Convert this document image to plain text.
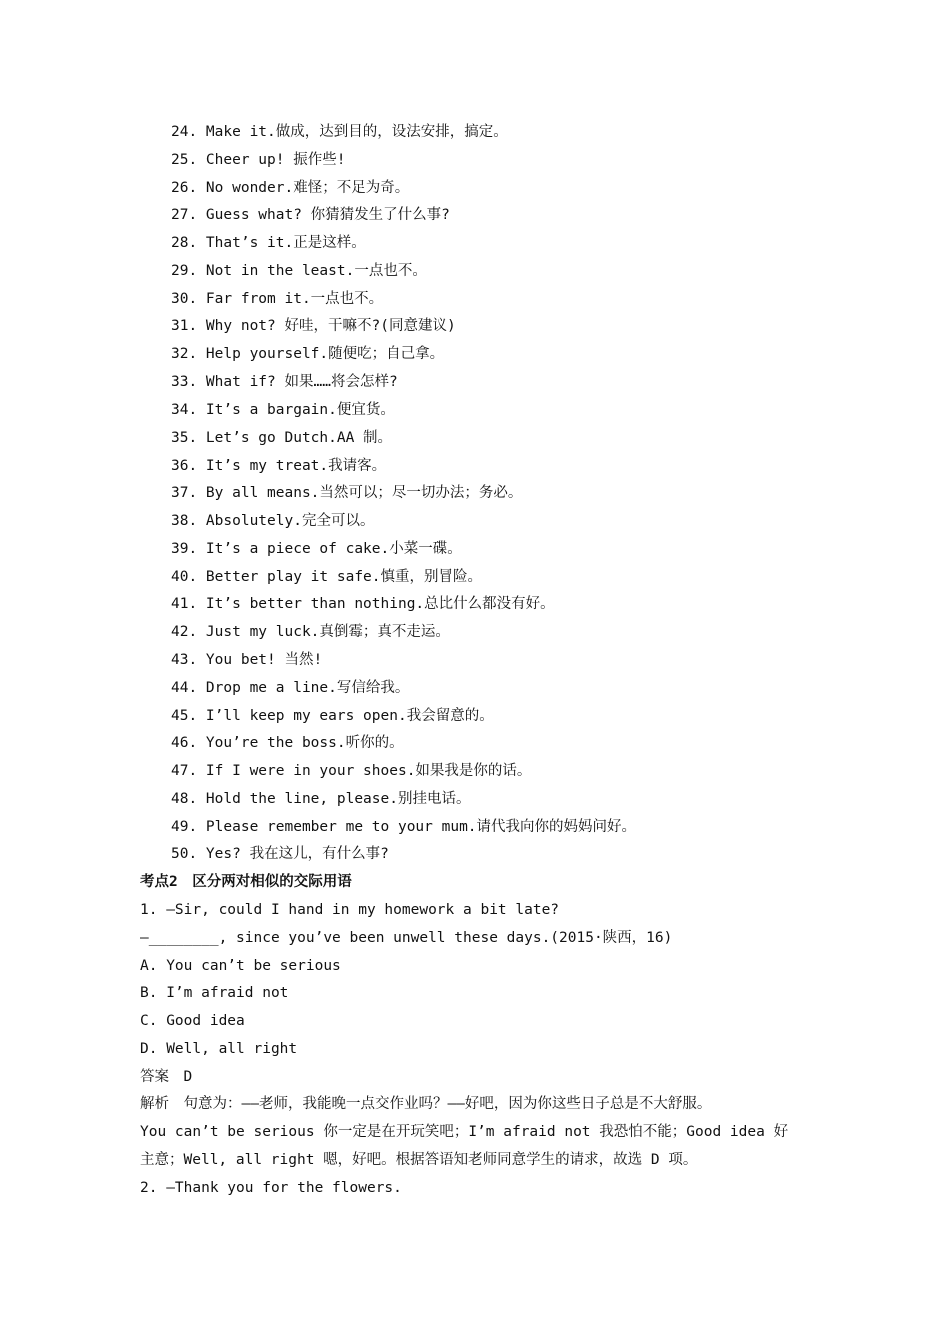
24. Make it.做成，达到目的，设法安排，搞定。
25. Cheer up! 振作些!
26. No wonder.难怪；不足为奇。
27. Guess what? 你猜猜发生了什么事?
28. That’s it.正是这样。
29. Not in the least.一点也不。
30. Far from it.一点也不。
31. Why not? 好哇，干嘛不?(同意建议)
32. Help yourself.随便吃；自己拿。
33. What if? 如果……将会怎样?
34. It’s a bargain.便宜货。
35. Let’s go Dutch.AA 制。
36. It’s my treat.我请客。
37. By all means.当然可以；尽一切办法；务必。
38. Absolutely.完全可以。
39. It’s a piece of cake.小菜一碟。
40. Better play it safe.慎重，别冒险。
41. It’s better than nothing.总比什么都没有好。
42. Just my luck.真倒霉；真不走运。
43. You bet! 当然!
44. Drop me a line.写信给我。
45. I’ll keep my ears open.我会留意的。
46. You’re the boss.听你的。
47. If I were in your shoes.如果我是你的话。
48. Hold the line, please.别挂电话。
49. Please remember me to your mum.请代我向你的妈妈问好。
50. Yes? 我在这儿，有什么事?
考点2　区分两对相似的交际用语
1. —Sir, could I hand in my homework a bit late?
—________, since you’ve been unwell these days.(2015·陕西，16)
A. You can’t be serious
B. I’m afraid not
C. Good idea
D. Well, all right
答案　D
解析　句意为：——老师，我能晚一点交作业吗？——好吧，因为你这些日子总是不大舒服。
You can’t be serious 你一定是在开玩笑吧；I’m afraid not 我恐怕不能；Good idea 好
主意；Well, all right 嗯，好吧。根据答语知老师同意学生的请求，故选 D 项。
2. —Thank you for the flowers.
